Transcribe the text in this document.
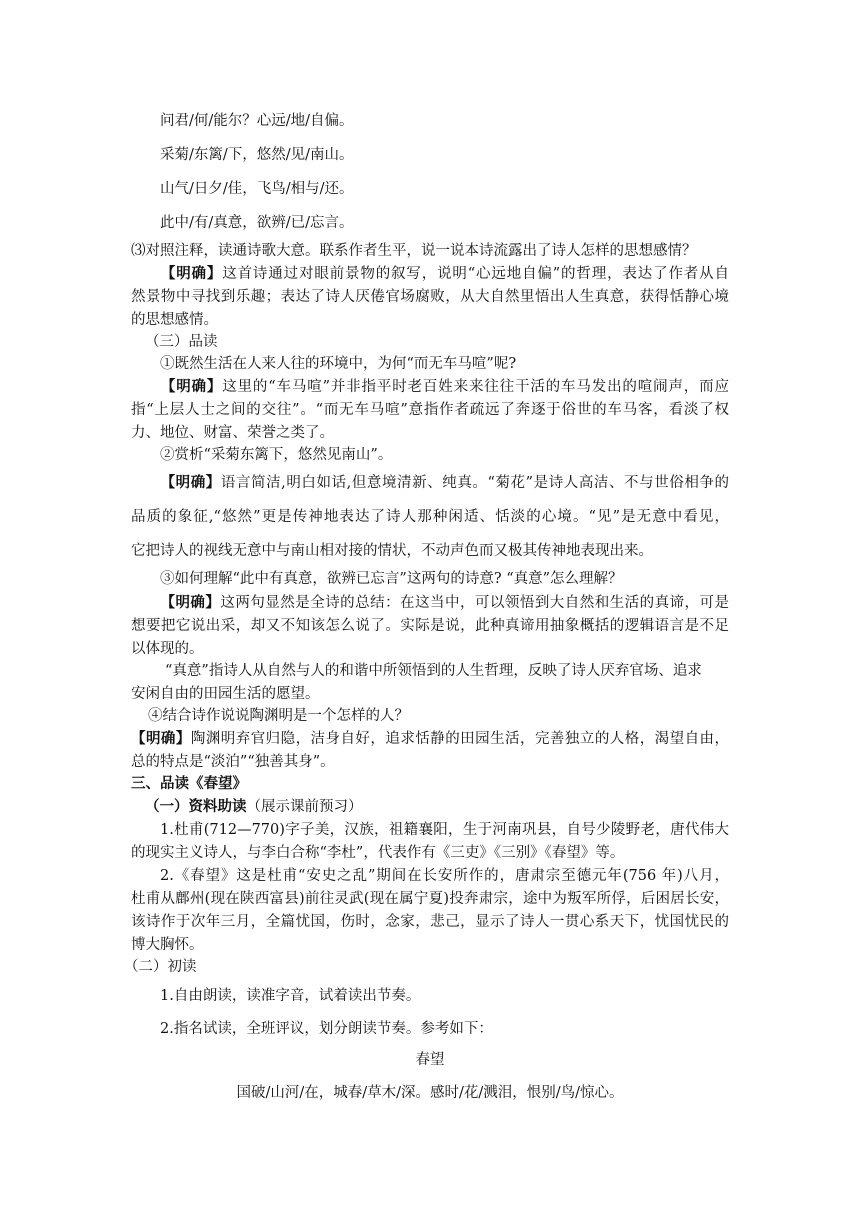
问君/何/能尔？心远/地/自偏。
采菊/东篱/下，悠然/见/南山。
山气/日夕/佳，飞鸟/相与/还。
此中/有/真意，欲辨/已/忘言。
⑶对照注释，读通诗歌大意。联系作者生平，说一说本诗流露出了诗人怎样的思想感情？
【明确】这首诗通过对眼前景物的叙写，说明“心远地自偏”的哲理，表达了作者从自
然景物中寻找到乐趣；表达了诗人厌倦官场腐败，从大自然里悟出人生真意，获得恬静心境
的思想感情。
（三）品读
①既然生活在人来人往的环境中，为何“而无车马喧”呢?
【明确】这里的“车马喧”并非指平时老百姓来来往往干活的车马发出的喧闹声，而应
指“上层人士之间的交往”。“而无车马喧”意指作者疏远了奔逐于俗世的车马客，看淡了权
力、地位、财富、荣誉之类了。
②赏析“采菊东篱下，悠然见南山”。
【明确】语言简洁,明白如话,但意境清新、纯真。“菊花”是诗人高洁、不与世俗相争的
品质的象征,“悠然”更是传神地表达了诗人那种闲适、恬淡的心境。“见”是无意中看见，
它把诗人的视线无意中与南山相对接的情状，不动声色而又极其传神地表现出来。
③如何理解“此中有真意，欲辨已忘言”这两句的诗意? “真意”怎么理解？
【明确】这两句显然是全诗的总结：在这当中，可以领悟到大自然和生活的真谛，可是
想要把它说出采，却又不知该怎么说了。实际是说，此种真谛用抽象概括的逻辑语言是不足
以体现的。
“真意”指诗人从自然与人的和谐中所领悟到的人生哲理，反映了诗人厌弃官场、追求
安闲自由的田园生活的愿望。
④结合诗作说说陶渊明是一个怎样的人？
【明确】陶渊明弃官归隐，洁身自好，追求恬静的田园生活，完善独立的人格，渴望自由，
总的特点是“淡泊”“独善其身”。
三、品读《春望》
（一）资料助读（展示课前预习）
1.杜甫(712—770)字子美，汉族，祖籍襄阳，生于河南巩县，自号少陵野老，唐代伟大
的现实主义诗人，与李白合称“李杜”，代表作有《三吏》《三别》《春望》等。
2.《春望》这是杜甫“安史之乱”期间在长安所作的，唐肃宗至德元年(756 年)八月，
杜甫从鄜州(现在陕西富县)前往灵武(现在属宁夏)投奔肃宗，途中为叛军所俘，后困居长安，
该诗作于次年三月，全篇忧国，伤时，念家，悲己，显示了诗人一贯心系天下，忧国忧民的
博大胸怀。
（二）初读
1.自由朗读，读准字音，试着读出节奏。
2.指名试读，全班评议，划分朗读节奏。参考如下：
春望
国破/山河/在，城春/草木/深。感时/花/溅泪，恨别/鸟/惊心。
